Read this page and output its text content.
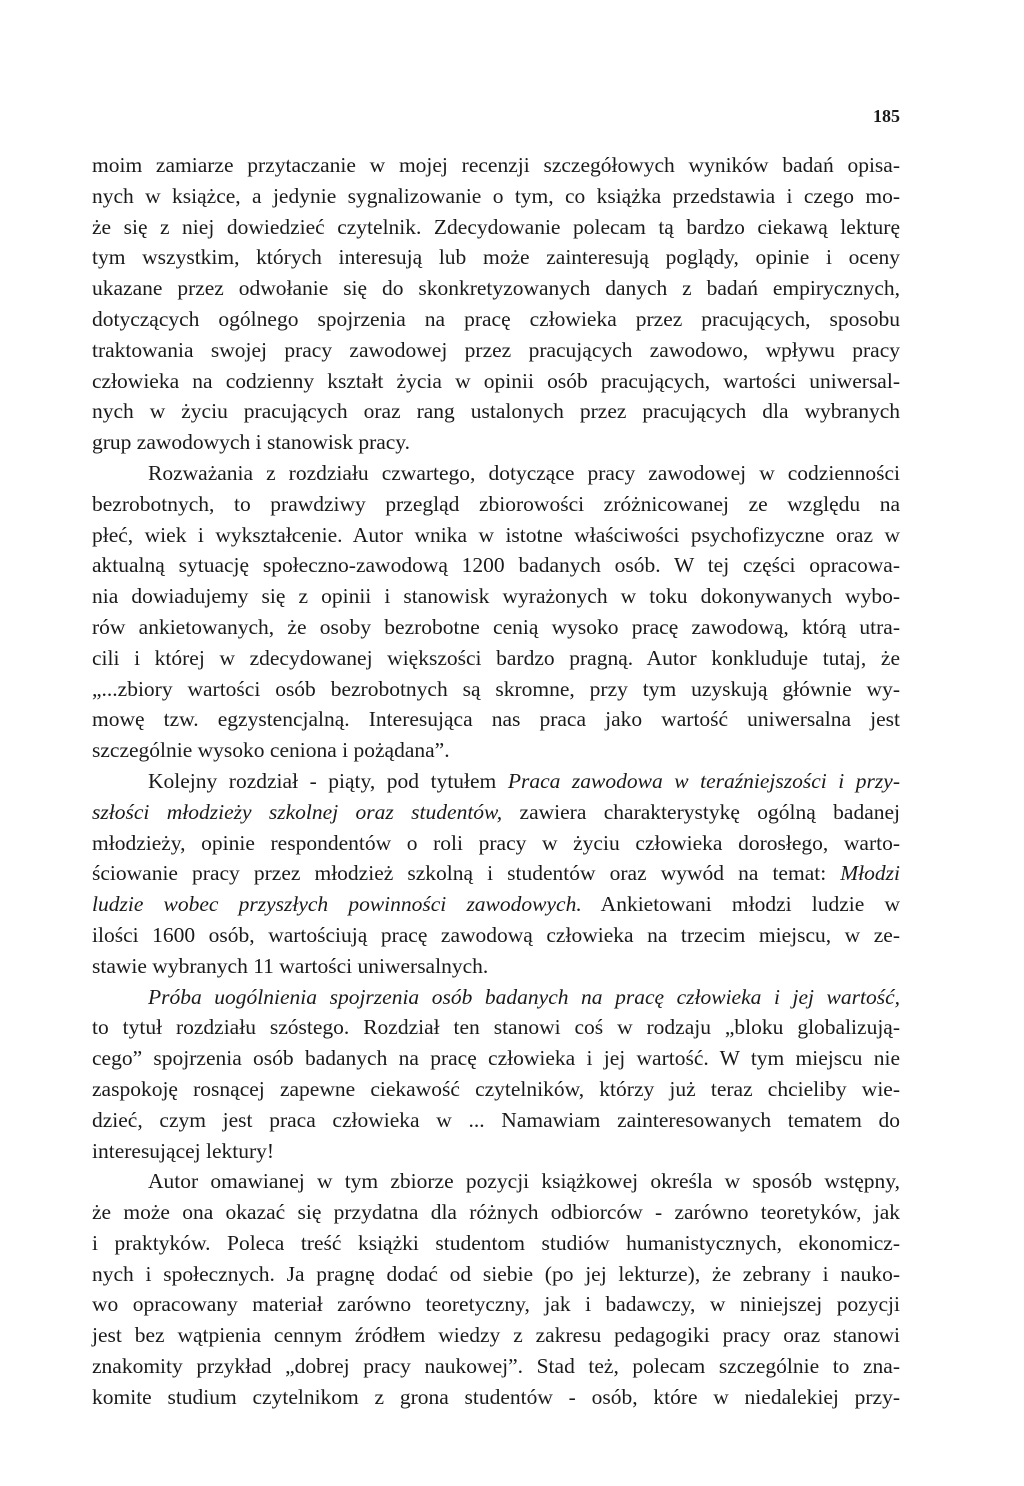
185
moim zamiarze przytaczanie w mojej recenzji szczegółowych wyników badań opisa-
nych w książce, a jedynie sygnalizowanie o tym, co książka przedstawia i czego mo-
że się z niej dowiedzieć czytelnik. Zdecydowanie polecam tą bardzo ciekawą lekturę
tym wszystkim, których interesują lub może zainteresują poglądy, opinie i oceny
ukazane przez odwołanie się do skonkretyzowanych danych z badań empirycznych,
dotyczących ogólnego spojrzenia na pracę człowieka przez pracujących, sposobu
traktowania swojej pracy zawodowej przez pracujących zawodowo, wpływu pracy
człowieka na codzienny kształt życia w opinii osób pracujących, wartości uniwersal-
nych w życiu pracujących oraz rang ustalonych przez pracujących dla wybranych
grup zawodowych i stanowisk pracy.
Rozważania z rozdziału czwartego, dotyczące pracy zawodowej w codzienności
bezrobotnych, to prawdziwy przegląd zbiorowości zróżnicowanej ze względu na
płeć, wiek i wykształcenie. Autor wnika w istotne właściwości psychofizyczne oraz w
aktualną sytuację społeczno-zawodową 1200 badanych osób. W tej części opracowa-
nia dowiadujemy się z opinii i stanowisk wyrażonych w toku dokonywanych wybo-
rów ankietowanych, że osoby bezrobotne cenią wysoko pracę zawodową, którą utra-
cili i której w zdecydowanej większości bardzo pragną. Autor konkluduje tutaj, że
„...zbiory wartości osób bezrobotnych są skromne, przy tym uzyskują głównie wy-
mowę tzw. egzystencjalną. Interesująca nas praca jako wartość uniwersalna jest
szczególnie wysoko ceniona i pożądana”.
Kolejny rozdział - piąty, pod tytułem Praca zawodowa w teraźniejszości i przy-
szłości młodzieży szkolnej oraz studentów, zawiera charakterystykę ogólną badanej
młodzieży, opinie respondentów o roli pracy w życiu człowieka dorosłego, warto-
ściowanie pracy przez młodzież szkolną i studentów oraz wywód na temat: Młodzi
ludzie wobec przyszłych powinności zawodowych. Ankietowani młodzi ludzie w
ilości 1600 osób, wartościują pracę zawodową człowieka na trzecim miejscu, w ze-
stawie wybranych 11 wartości uniwersalnych.
Próba uogólnienia spojrzenia osób badanych na pracę człowieka i jej wartość,
to tytuł rozdziału szóstego. Rozdział ten stanowi coś w rodzaju „bloku globalizują-
cego” spojrzenia osób badanych na pracę człowieka i jej wartość. W tym miejscu nie
zaspokoję rosnącej zapewne ciekawość czytelników, którzy już teraz chcieliby wie-
dzieć, czym jest praca człowieka w ... Namawiam zainteresowanych tematem do
interesującej lektury!
Autor omawianej w tym zbiorze pozycji książkowej określa w sposób wstępny,
że może ona okazać się przydatna dla różnych odbiorców - zarówno teoretyków, jak
i praktyków. Poleca treść książki studentom studiów humanistycznych, ekonomicz-
nych i społecznych. Ja pragnę dodać od siebie (po jej lekturze), że zebrany i nauko-
wo opracowany materiał zarówno teoretyczny, jak i badawczy, w niniejszej pozycji
jest bez wątpienia cennym źródłem wiedzy z zakresu pedagogiki pracy oraz stanowi
znakomity przykład „dobrej pracy naukowej”. Stad też, polecam szczególnie to zna-
komite studium czytelnikom z grona studentów - osób, które w niedalekiej przy-
